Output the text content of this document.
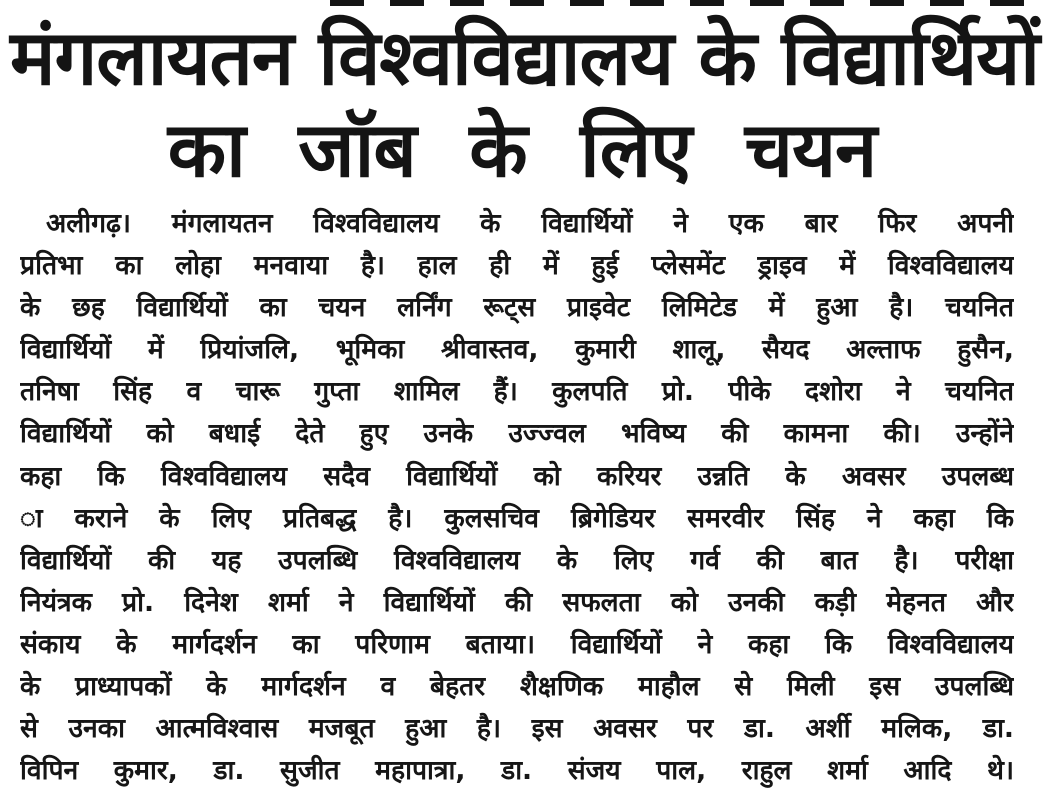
मंगलायतन विश्वविद्यालय के विद्यार्थियों
का जॉब के लिए चयन
अलीगढ़। मंगलायतन विश्वविद्यालय के विद्यार्थियों ने एक बार फिर अपनी
प्रतिभा का लोहा मनवाया है। हाल ही में हुई प्लेसमेंट ड्राइव में विश्वविद्यालय
के छह विद्यार्थियों का चयन लर्निंग रूट्स प्राइवेट लिमिटेड में हुआ है। चयनित
विद्यार्थियों में प्रियांजलि, भूमिका श्रीवास्तव, कुमारी शालू, सैयद अल्ताफ हुसैन,
तनिषा सिंह व चारू गुप्ता शामिल हैं। कुलपति प्रो. पीके दशोरा ने चयनित
विद्यार्थियों को बधाई देते हुए उनके उज्ज्वल भविष्य की कामना की। उन्होंने
कहा कि विश्वविद्यालय सदैव विद्यार्थियों को करियर उन्नति के अवसर उपलब्ध
ा कराने के लिए प्रतिबद्ध है। कुलसचिव ब्रिगेडियर समरवीर सिंह ने कहा कि
विद्यार्थियों की यह उपलब्धि विश्वविद्यालय के लिए गर्व की बात है। परीक्षा
नियंत्रक प्रो. दिनेश शर्मा ने विद्यार्थियों की सफलता को उनकी कड़ी मेहनत और
संकाय के मार्गदर्शन का परिणाम बताया। विद्यार्थियों ने कहा कि विश्वविद्यालय
के प्राध्यापकों के मार्गदर्शन व बेहतर शैक्षणिक माहौल से मिली इस उपलब्धि
से उनका आत्मविश्वास मजबूत हुआ है। इस अवसर पर डा. अर्शी मलिक, डा.
विपिन कुमार, डा. सुजीत महापात्रा, डा. संजय पाल, राहुल शर्मा आदि थे।
